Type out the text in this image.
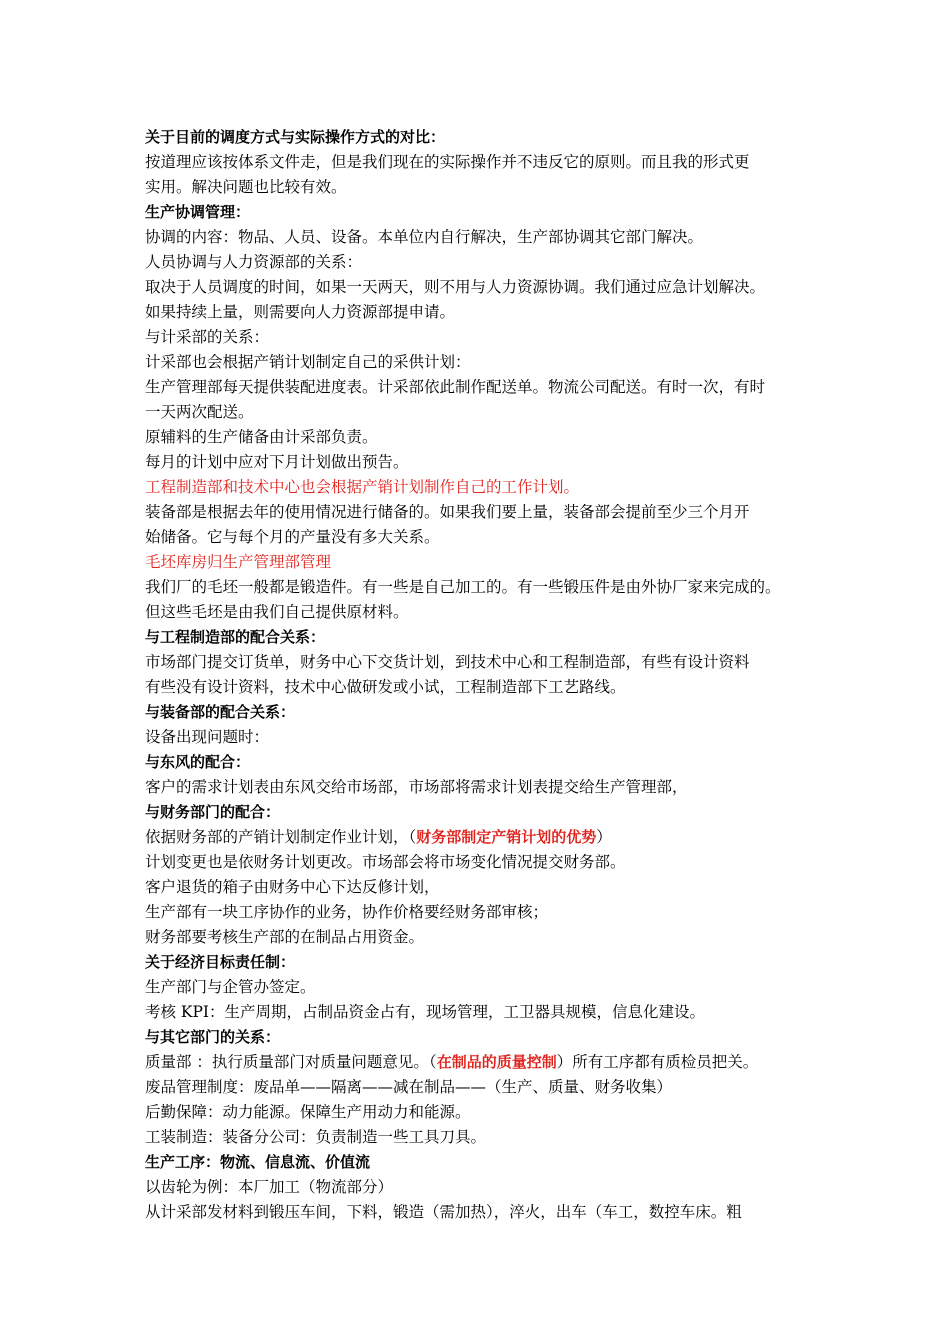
关于目前的调度方式与实际操作方式的对比：
按道理应该按体系文件走，但是我们现在的实际操作并不违反它的原则。而且我的形式更
实用。解决问题也比较有效。
生产协调管理：
协调的内容：物品、人员、设备。本单位内自行解决，生产部协调其它部门解决。
人员协调与人力资源部的关系：
取决于人员调度的时间，如果一天两天，则不用与人力资源协调。我们通过应急计划解决。
如果持续上量，则需要向人力资源部提申请。
与计采部的关系：
计采部也会根据产销计划制定自己的采供计划：
生产管理部每天提供装配进度表。计采部依此制作配送单。物流公司配送。有时一次，有时
一天两次配送。
原辅料的生产储备由计采部负责。
每月的计划中应对下月计划做出预告。
工程制造部和技术中心也会根据产销计划制作自己的工作计划。
装备部是根据去年的使用情况进行储备的。如果我们要上量，装备部会提前至少三个月开
始储备。它与每个月的产量没有多大关系。
毛坯库房归生产管理部管理
我们厂的毛坯一般都是锻造件。有一些是自己加工的。有一些锻压件是由外协厂家来完成的。
但这些毛坯是由我们自己提供原材料。
与工程制造部的配合关系：
市场部门提交订货单，财务中心下交货计划，到技术中心和工程制造部，有些有设计资料
有些没有设计资料，技术中心做研发或小试，工程制造部下工艺路线。
与装备部的配合关系：
设备出现问题时：
与东风的配合：
客户的需求计划表由东风交给市场部，市场部将需求计划表提交给生产管理部，
与财务部门的配合：
依据财务部的产销计划制定作业计划，（财务部制定产销计划的优势）
计划变更也是依财务计划更改。市场部会将市场变化情况提交财务部。
客户退货的箱子由财务中心下达反修计划，
生产部有一块工序协作的业务，协作价格要经财务部审核；
财务部要考核生产部的在制品占用资金。
关于经济目标责任制：
生产部门与企管办签定。
考核 KPI：生产周期，占制品资金占有，现场管理，工卫器具规模，信息化建设。
与其它部门的关系：
质量部 ：执行质量部门对质量问题意见。（在制品的质量控制）所有工序都有质检员把关。
废品管理制度：废品单——隔离——减在制品——（生产、质量、财务收集）
后勤保障：动力能源。保障生产用动力和能源。
工装制造：装备分公司：负责制造一些工具刀具。
生产工序：物流、信息流、价值流
以齿轮为例：本厂加工（物流部分）
从计采部发材料到锻压车间，下料，锻造（需加热），淬火，出车（车工，数控车床。粗
